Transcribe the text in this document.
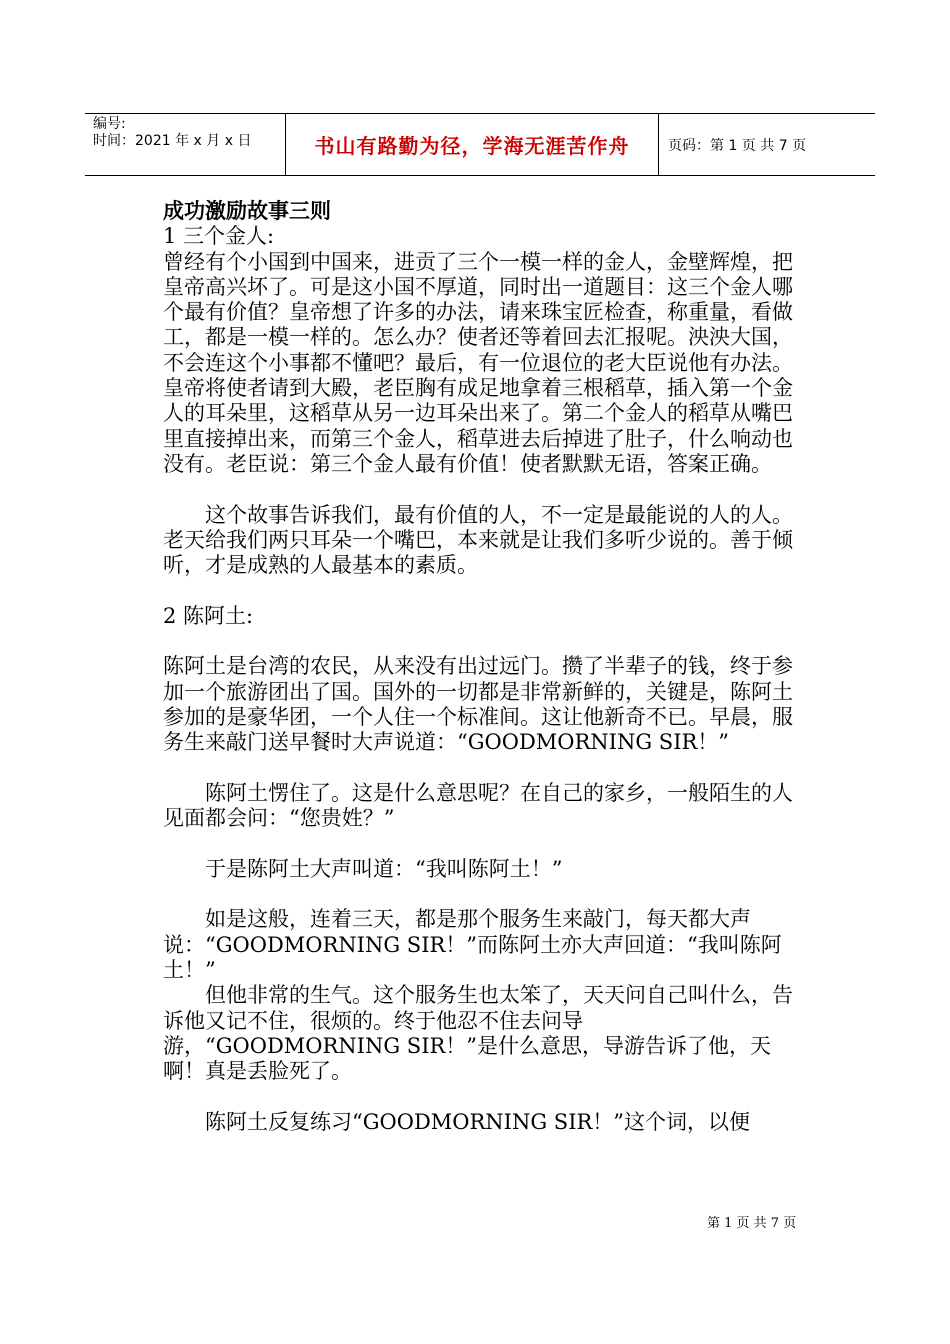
编号:
时间：2021 年 x 月 x 日	书山有路勤为径，学海无涯苦作舟	页码：第 1 页 共 7 页

成功激励故事三则

1 三个金人:

曾经有个小国到中国来，进贡了三个一模一样的金人，金壁辉煌，把皇帝高兴坏了。可是这小国不厚道，同时出一道题目：这三个金人哪个最有价值？皇帝想了许多的办法，请来珠宝匠检查，称重量，看做工，都是一模一样的。怎么办？使者还等着回去汇报呢。泱泱大国，不会连这个小事都不懂吧？最后，有一位退位的老大臣说他有办法。皇帝将使者请到大殿，老臣胸有成足地拿着三根稻草，插入第一个金人的耳朵里，这稻草从另一边耳朵出来了。第二个金人的稻草从嘴巴里直接掉出来，而第三个金人，稻草进去后掉进了肚子，什么响动也没有。老臣说：第三个金人最有价值！使者默默无语，答案正确。

这个故事告诉我们，最有价值的人，不一定是最能说的人的人。老天给我们两只耳朵一个嘴巴，本来就是让我们多听少说的。善于倾听，才是成熟的人最基本的素质。

2 陈阿土:

陈阿土是台湾的农民，从来没有出过远门。攒了半辈子的钱，终于参加一个旅游团出了国。国外的一切都是非常新鲜的，关键是，陈阿土参加的是豪华团，一个人住一个标准间。这让他新奇不已。早晨，服务生来敲门送早餐时大声说道：“GOODMORNING SIR！”

陈阿土愣住了。这是什么意思呢？在自己的家乡，一般陌生的人见面都会问：“您贵姓？”

于是陈阿土大声叫道：“我叫陈阿土！”

如是这般，连着三天，都是那个服务生来敲门，每天都大声说：“GOODMORNING SIR！”而陈阿土亦大声回道：“我叫陈阿土！”

但他非常的生气。这个服务生也太笨了，天天问自己叫什么，告诉他又记不住，很烦的。终于他忍不住去问导游，“GOODMORNING SIR！”是什么意思，导游告诉了他，天啊！真是丢脸死了。

陈阿土反复练习“GOODMORNING SIR！”这个词，以便

第 1 页 共 7 页
